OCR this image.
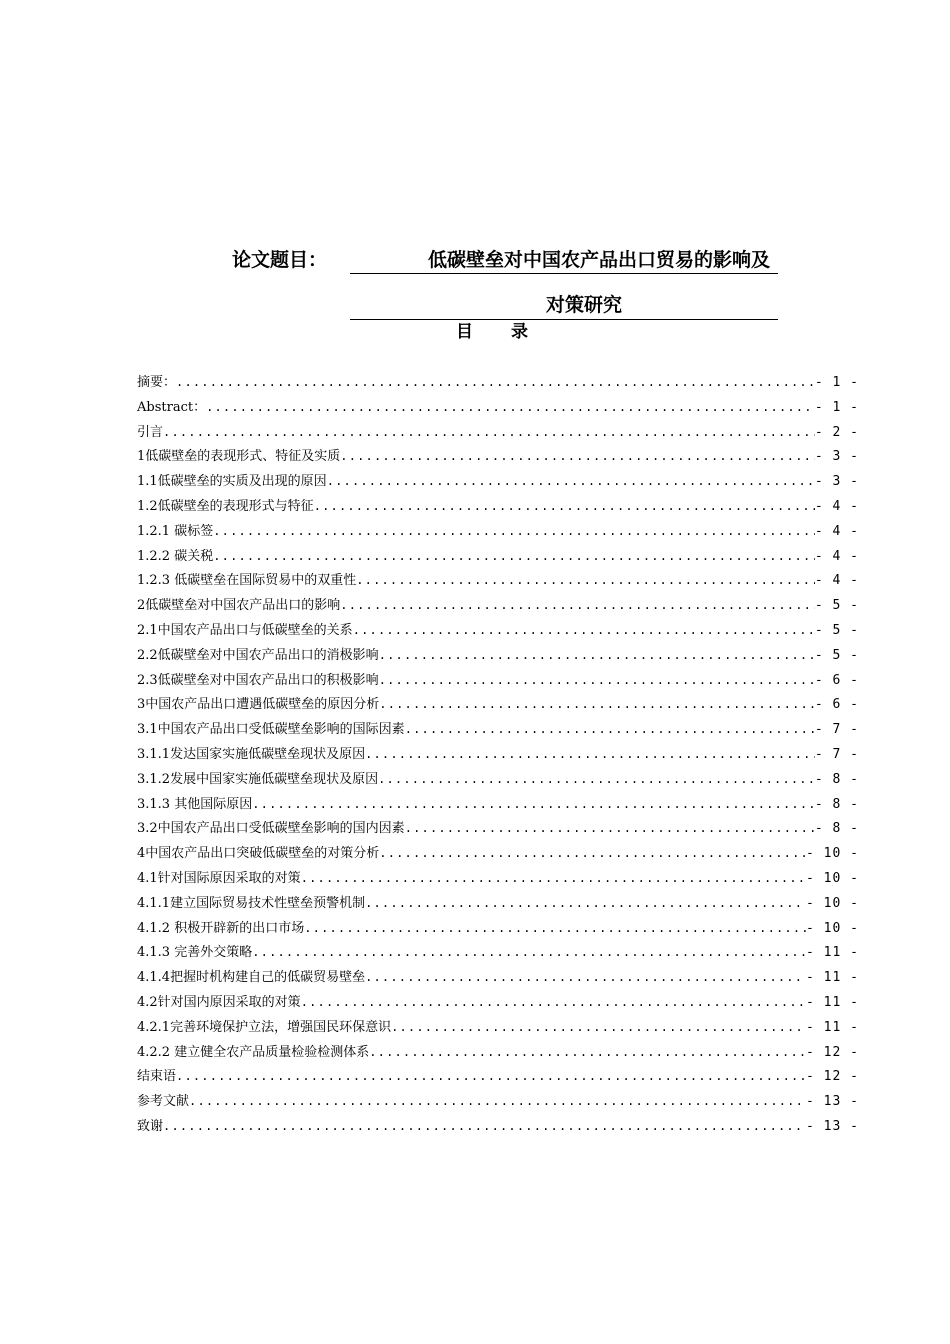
论文题目：	低碳壁垒对中国农产品出口贸易的影响及
对策研究
目 录
摘要： .....	- 1 -
Abstract： .....	- 1 -
引言 .....	- 2 -
1低碳壁垒的表现形式、特征及实质 .....	- 3 -
1.1低碳壁垒的实质及出现的原因 .....	- 3 -
1.2低碳壁垒的表现形式与特征 .....	- 4 -
1.2.1 碳标签 .....	- 4 -
1.2.2 碳关税 .....	- 4 -
1.2.3 低碳壁垒在国际贸易中的双重性 .....	- 4 -
2低碳壁垒对中国农产品出口的影响 .....	- 5 -
2.1中国农产品出口与低碳壁垒的关系 .....	- 5 -
2.2低碳壁垒对中国农产品出口的消极影响 .....	- 5 -
2.3低碳壁垒对中国农产品出口的积极影响 .....	- 6 -
3中国农产品出口遭遇低碳壁垒的原因分析 .....	- 6 -
3.1中国农产品出口受低碳壁垒影响的国际因素 .....	- 7 -
3.1.1发达国家实施低碳壁垒现状及原因 .....	- 7 -
3.1.2发展中国家实施低碳壁垒现状及原因 .....	- 8 -
3.1.3 其他国际原因 .....	- 8 -
3.2中国农产品出口受低碳壁垒影响的国内因素 .....	- 8 -
4中国农产品出口突破低碳壁垒的对策分析 .....	- 10 -
4.1针对国际原因采取的对策 .....	- 10 -
4.1.1建立国际贸易技术性壁垒预警机制 .....	- 10 -
4.1.2 积极开辟新的出口市场 .....	- 10 -
4.1.3 完善外交策略 .....	- 11 -
4.1.4把握时机构建自己的低碳贸易壁垒 .....	- 11 -
4.2针对国内原因采取的对策 .....	- 11 -
4.2.1完善环境保护立法，增强国民环保意识 .....	- 11 -
4.2.2 建立健全农产品质量检验检测体系 .....	- 12 -
结束语 .....	- 12 -
参考文献 .....	- 13 -
致谢 .....	- 13 -
